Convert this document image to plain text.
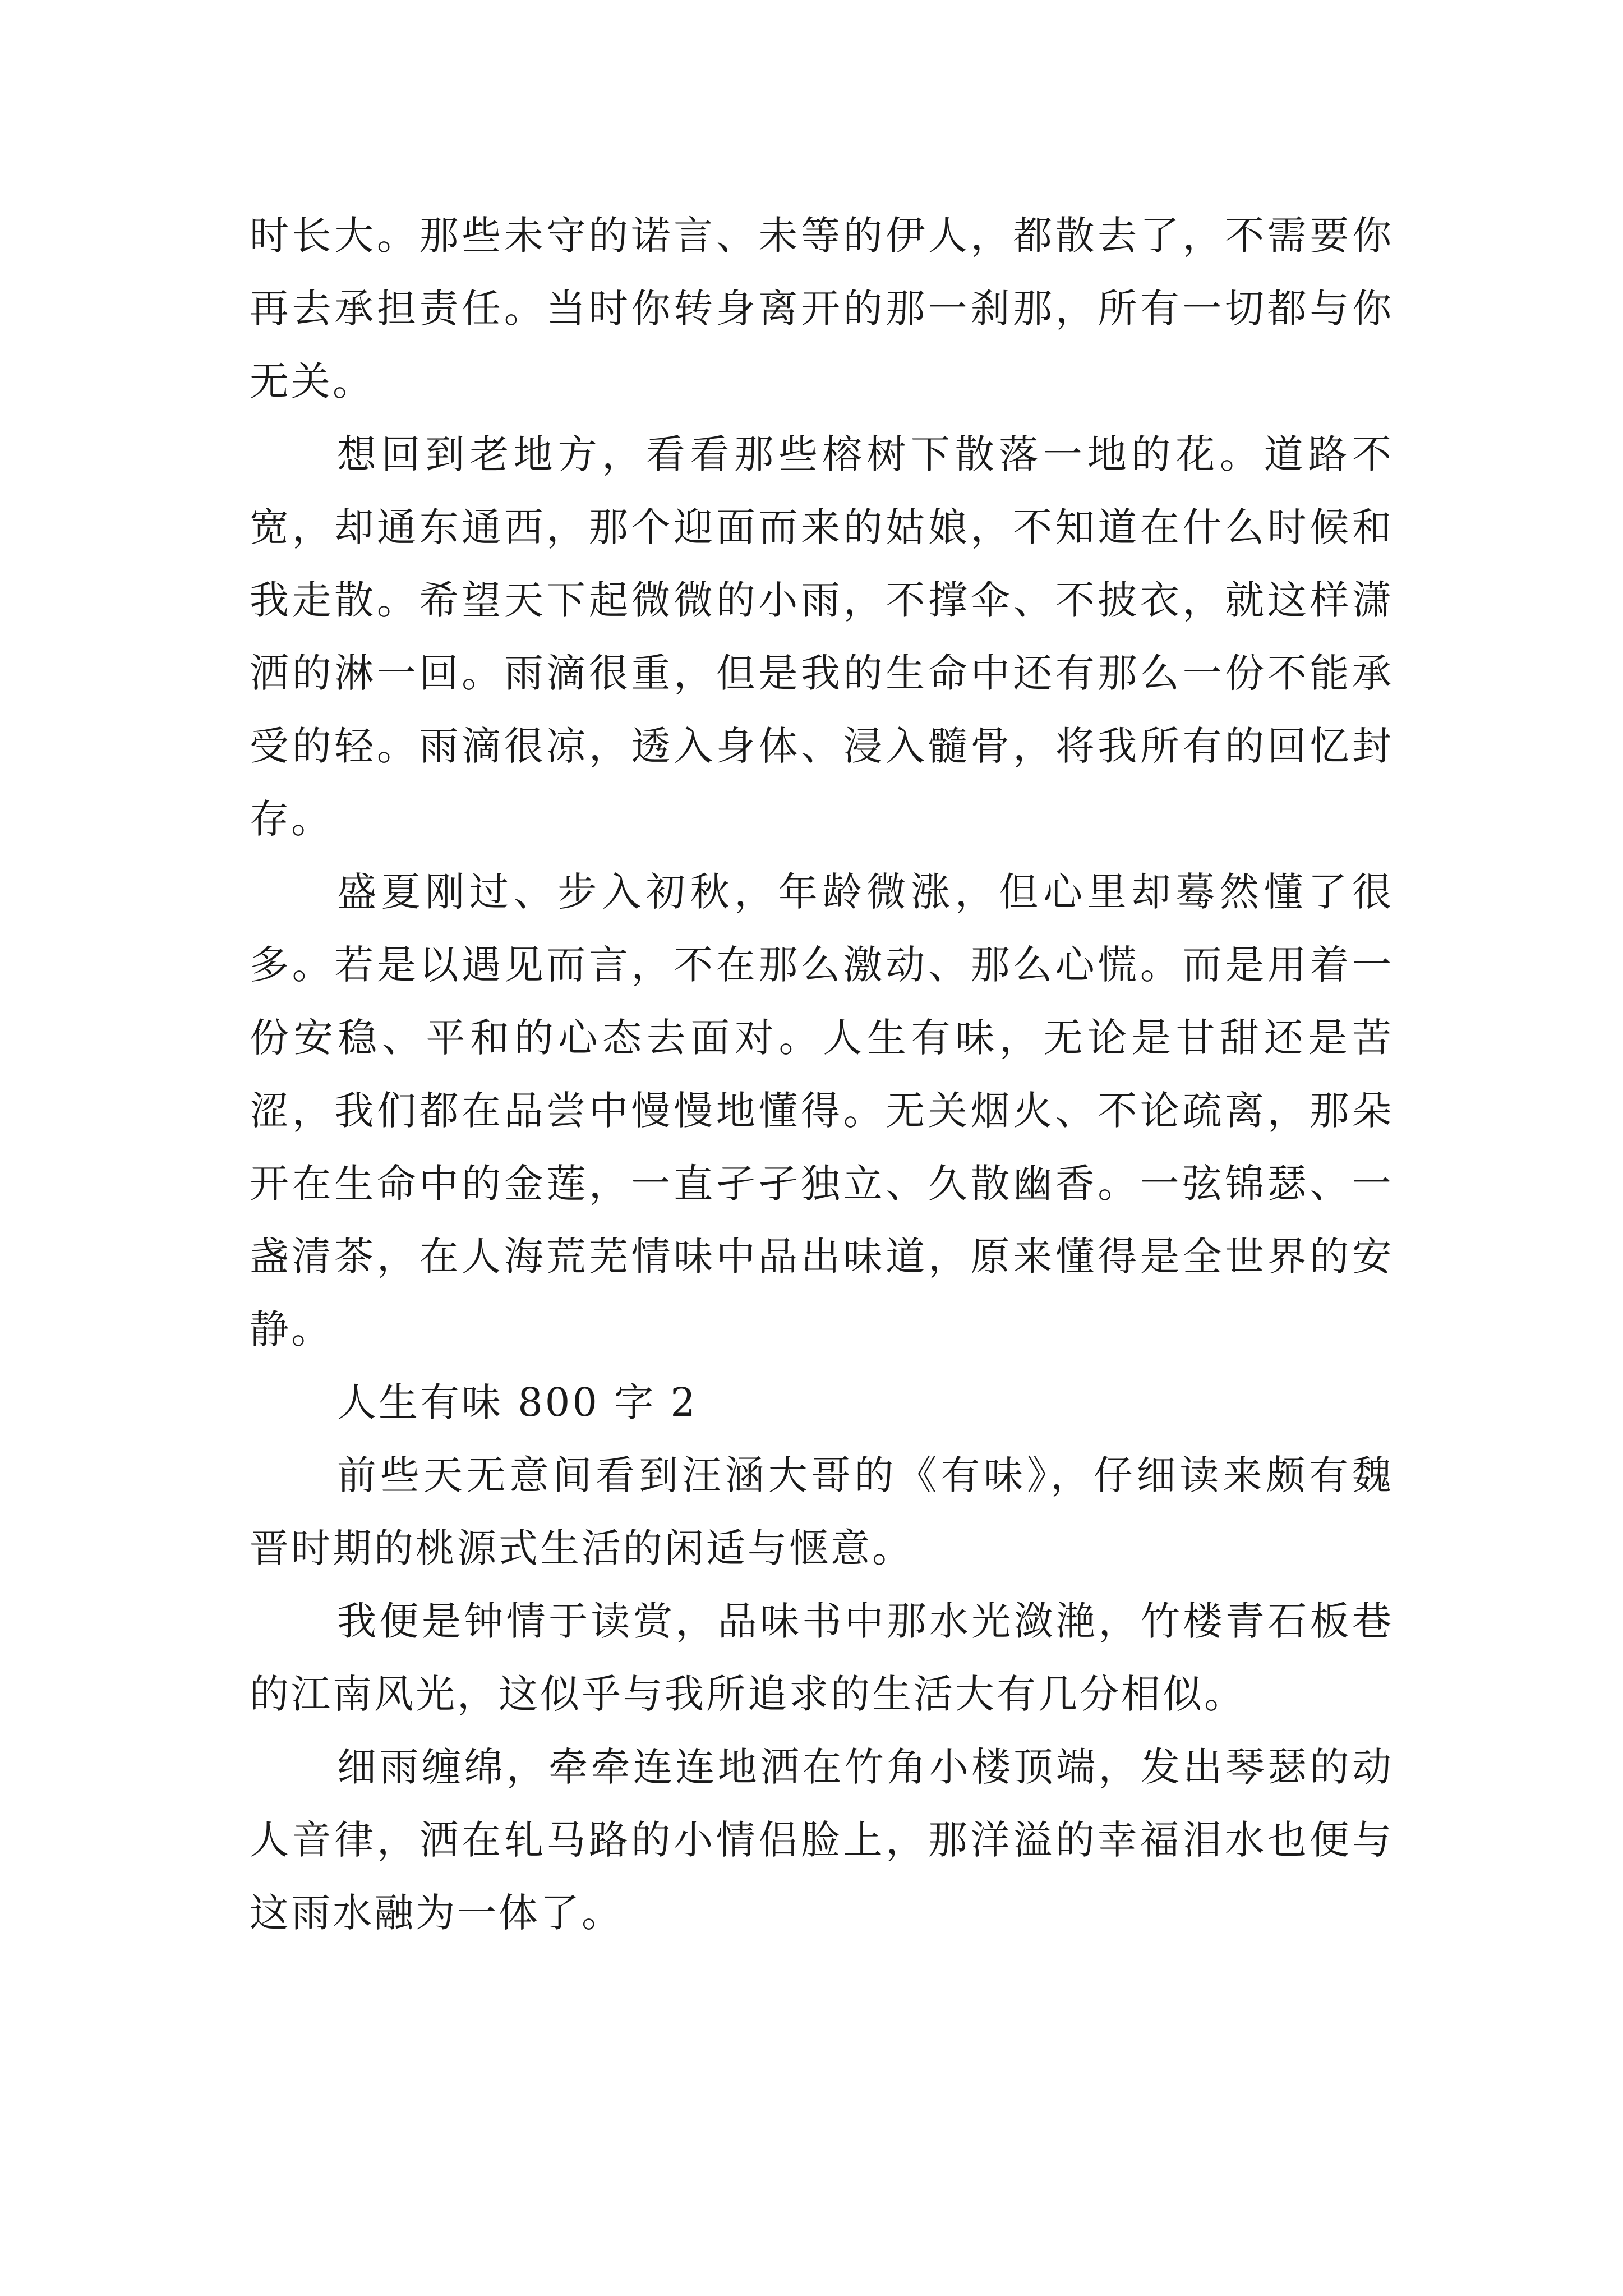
时长大。那些未守的诺言、未等的伊人，都散去了，不需要你再去承担责任。当时你转身离开的那一刹那，所有一切都与你无关。

想回到老地方，看看那些榕树下散落一地的花。道路不宽，却通东通西，那个迎面而来的姑娘，不知道在什么时候和我走散。希望天下起微微的小雨，不撑伞、不披衣，就这样潇洒的淋一回。雨滴很重，但是我的生命中还有那么一份不能承受的轻。雨滴很凉，透入身体、浸入髓骨，将我所有的回忆封存。

盛夏刚过、步入初秋，年龄微涨，但心里却蓦然懂了很多。若是以遇见而言，不在那么激动、那么心慌。而是用着一份安稳、平和的心态去面对。人生有味，无论是甘甜还是苦涩，我们都在品尝中慢慢地懂得。无关烟火、不论疏离，那朵开在生命中的金莲，一直孑孑独立、久散幽香。一弦锦瑟、一盏清茶，在人海荒芜情味中品出味道，原来懂得是全世界的安静。

人生有味 800 字 2

前些天无意间看到汪涵大哥的《有味》，仔细读来颇有魏晋时期的桃源式生活的闲适与惬意。

我便是钟情于读赏，品味书中那水光潋滟，竹楼青石板巷的江南风光，这似乎与我所追求的生活大有几分相似。

细雨缠绵，牵牵连连地洒在竹角小楼顶端，发出琴瑟的动人音律，洒在轧马路的小情侣脸上，那洋溢的幸福泪水也便与这雨水融为一体了。
